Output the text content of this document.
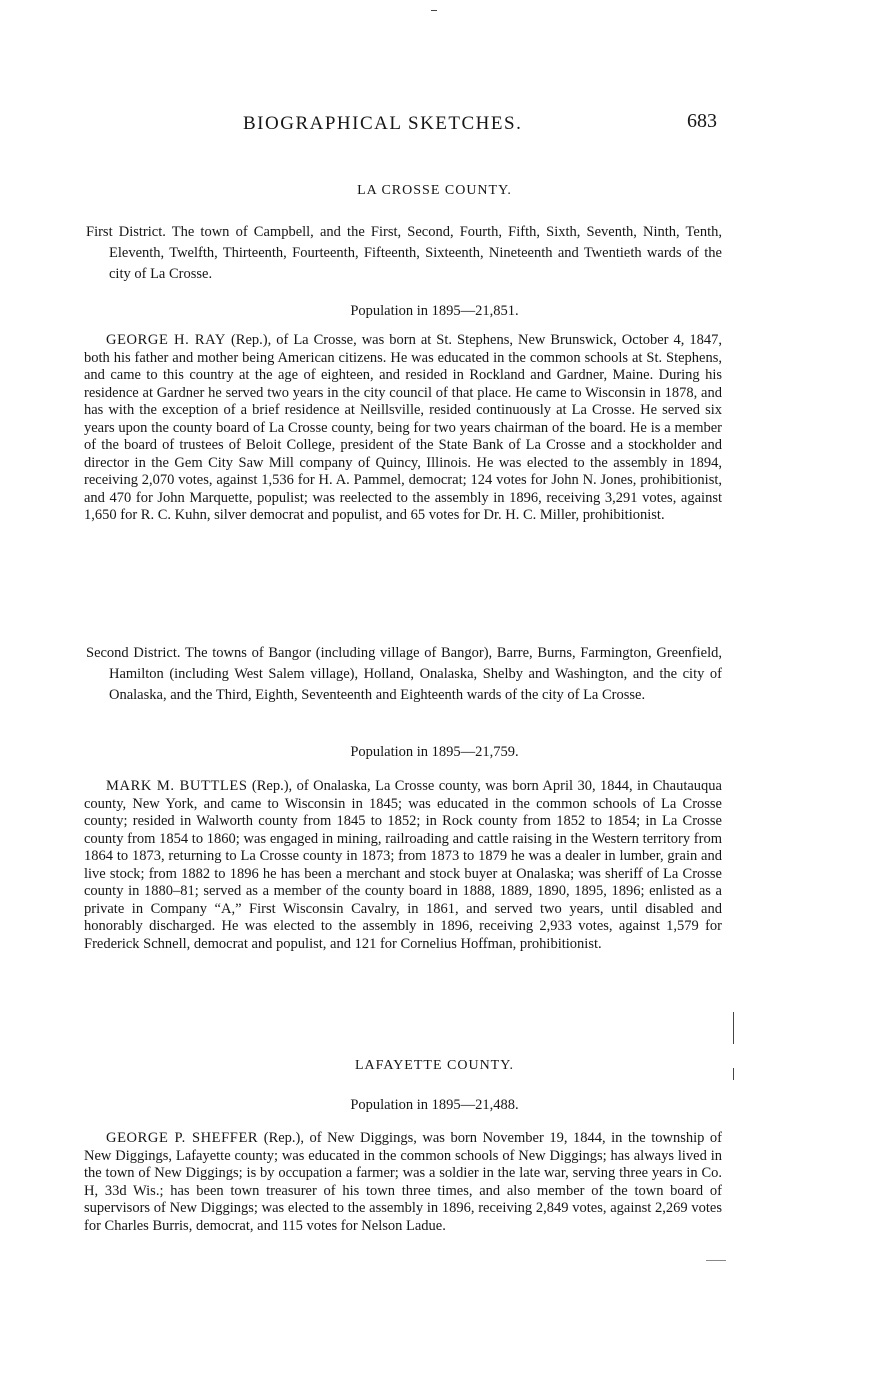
BIOGRAPHICAL SKETCHES.	683
LA CROSSE COUNTY.
First District. The town of Campbell, and the First, Second, Fourth, Fifth, Sixth, Seventh, Ninth, Tenth, Eleventh, Twelfth, Thirteenth, Fourteenth, Fifteenth, Sixteenth, Nineteenth and Twentieth wards of the city of La Crosse.
Population in 1895—21,851.
GEORGE H. RAY (Rep.), of La Crosse, was born at St. Stephens, New Brunswick, October 4, 1847, both his father and mother being American citizens. He was educated in the common schools at St. Stephens, and came to this country at the age of eighteen, and resided in Rockland and Gardner, Maine. During his residence at Gardner he served two years in the city council of that place. He came to Wisconsin in 1878, and has with the exception of a brief residence at Neillsville, resided continuously at La Crosse. He served six years upon the county board of La Crosse county, being for two years chairman of the board. He is a member of the board of trustees of Beloit College, president of the State Bank of La Crosse and a stockholder and director in the Gem City Saw Mill company of Quincy, Illinois. He was elected to the assembly in 1894, receiving 2,070 votes, against 1,536 for H. A. Pammel, democrat; 124 votes for John N. Jones, prohibitionist, and 470 for John Marquette, populist; was reelected to the assembly in 1896, receiving 3,291 votes, against 1,650 for R. C. Kuhn, silver democrat and populist, and 65 votes for Dr. H. C. Miller, prohibitionist.
Second District. The towns of Bangor (including village of Bangor), Barre, Burns, Farmington, Greenfield, Hamilton (including West Salem village), Holland, Onalaska, Shelby and Washington, and the city of Onalaska, and the Third, Eighth, Seventeenth and Eighteenth wards of the city of La Crosse.
Population in 1895—21,759.
MARK M. BUTTLES (Rep.), of Onalaska, La Crosse county, was born April 30, 1844, in Chautauqua county, New York, and came to Wisconsin in 1845; was educated in the common schools of La Crosse county; resided in Walworth county from 1845 to 1852; in Rock county from 1852 to 1854; in La Crosse county from 1854 to 1860; was engaged in mining, railroading and cattle raising in the Western territory from 1864 to 1873, returning to La Crosse county in 1873; from 1873 to 1879 he was a dealer in lumber, grain and live stock; from 1882 to 1896 he has been a merchant and stock buyer at Onalaska; was sheriff of La Crosse county in 1880–81; served as a member of the county board in 1888, 1889, 1890, 1895, 1896; enlisted as a private in Company “A,” First Wisconsin Cavalry, in 1861, and served two years, until disabled and honorably discharged. He was elected to the assembly in 1896, receiving 2,933 votes, against 1,579 for Frederick Schnell, democrat and populist, and 121 for Cornelius Hoffman, prohibitionist.
LAFAYETTE COUNTY.
Population in 1895—21,488.
GEORGE P. SHEFFER (Rep.), of New Diggings, was born November 19, 1844, in the township of New Diggings, Lafayette county; was educated in the common schools of New Diggings; has always lived in the town of New Diggings; is by occupation a farmer; was a soldier in the late war, serving three years in Co. H, 33d Wis.; has been town treasurer of his town three times, and also member of the town board of supervisors of New Diggings; was elected to the assembly in 1896, receiving 2,849 votes, against 2,269 votes for Charles Burris, democrat, and 115 votes for Nelson Ladue.
